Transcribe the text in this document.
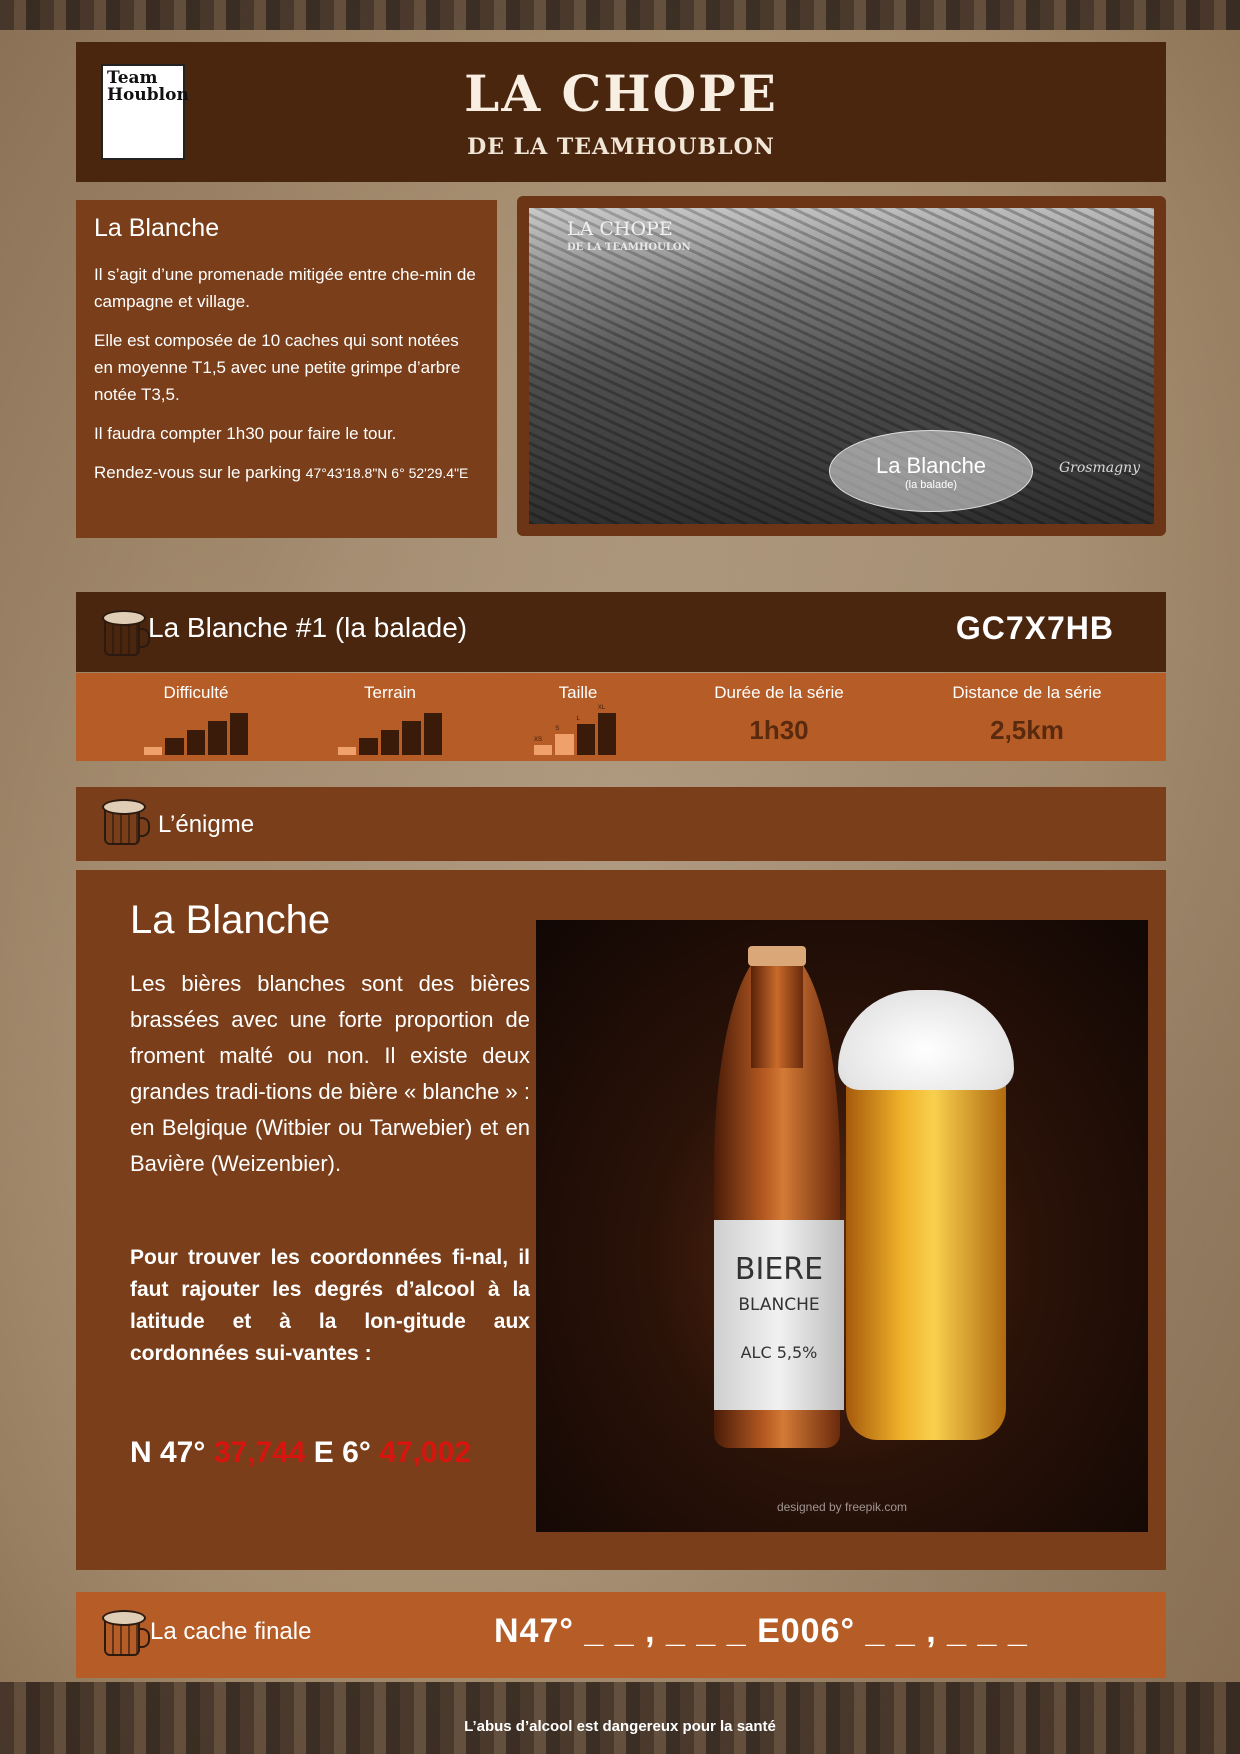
Team Houblon	LA CHOPE
DE LA TEAMHOUBLON
La Blanche

Il s’agit d’une promenade mitigée entre che-min de campagne et village.

Elle est composée de 10 caches qui sont notées en moyenne T1,5 avec une petite grimpe d’arbre notée T3,5.

Il faudra compter 1h30 pour faire le tour.

Rendez-vous sur le parking 47°43'18.8"N 6° 52'29.4"E

LA CHOPE
DE LA TEAMHOULON
La Blanche
(la balade)
Grosmagny
La Blanche #1 (la balade)	GC7X7HB
Difficulté	Terrain	Taille
XS
S
L
XL
Durée de la série
1h30
Distance de la série
2,5km
L’énigme
La Blanche
Les bières blanches sont des bières brassées avec une forte proportion de froment malté ou non. Il existe deux grandes tradi-tions de bière « blanche » : en Belgique (Witbier ou Tarwebier) et en Bavière (Weizenbier).
Pour trouver les coordonnées fi-nal, il faut rajouter les degrés d’alcool à la latitude et à la lon-gitude aux cordonnées sui-vantes :
N 47° 37,744 E 6° 47,002
BIERE
BLANCHE
ALC 5,5%
designed by freepik.com
La cache finale	N47° _ _ , _ _ _ E006° _ _ , _ _ _
L’abus d’alcool est dangereux pour la santé
